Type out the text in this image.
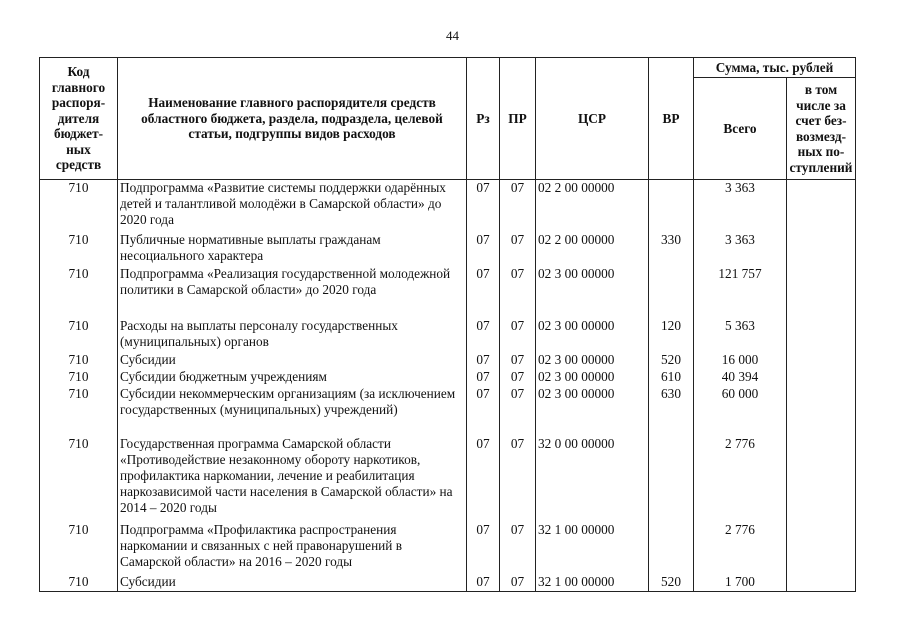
44
Код главного распоря-дителя бюджет-ных средств	Наименование главного распорядителя средств областного бюджета, раздела, подраздела, целевой статьи, подгруппы видов расходов	Рз	ПР	ЦСР	ВР	Сумма, тыс. рублей	
						Всего	в том числе за счет без-возмезд-ных по-ступлений
710	Подпрограмма «Развитие системы поддержки одарённых детей и талантливой молодёжи в Самарской области» до 2020 года	07	07	02 2 00 00000		3 363	
710	Публичные нормативные выплаты гражданам несоциального характера	07	07	02 2 00 00000	330	3 363	
710	Подпрограмма «Реализация государственной молодежной политики в Самарской области» до 2020 года	07	07	02 3 00 00000		121 757	
710	Расходы на выплаты персоналу государственных (муниципальных) органов	07	07	02 3 00 00000	120	5 363	
710	Субсидии	07	07	02 3 00 00000	520	16 000	
710	Субсидии бюджетным учреждениям	07	07	02 3 00 00000	610	40 394	
710	Субсидии некоммерческим организациям (за исключением государственных (муниципальных) учреждений)	07	07	02 3 00 00000	630	60 000	
710	Государственная программа Самарской области «Противодействие незаконному обороту наркотиков, профилактика наркомании, лечение и реабилитация наркозависимой части населения в Самарской области» на 2014 – 2020 годы	07	07	32 0 00 00000		2 776	
710	Подпрограмма «Профилактика распространения наркомании и связанных с ней правонарушений в Самарской области» на 2016 – 2020 годы	07	07	32 1 00 00000		2 776	
710	Субсидии	07	07	32 1 00 00000	520	1 700	
